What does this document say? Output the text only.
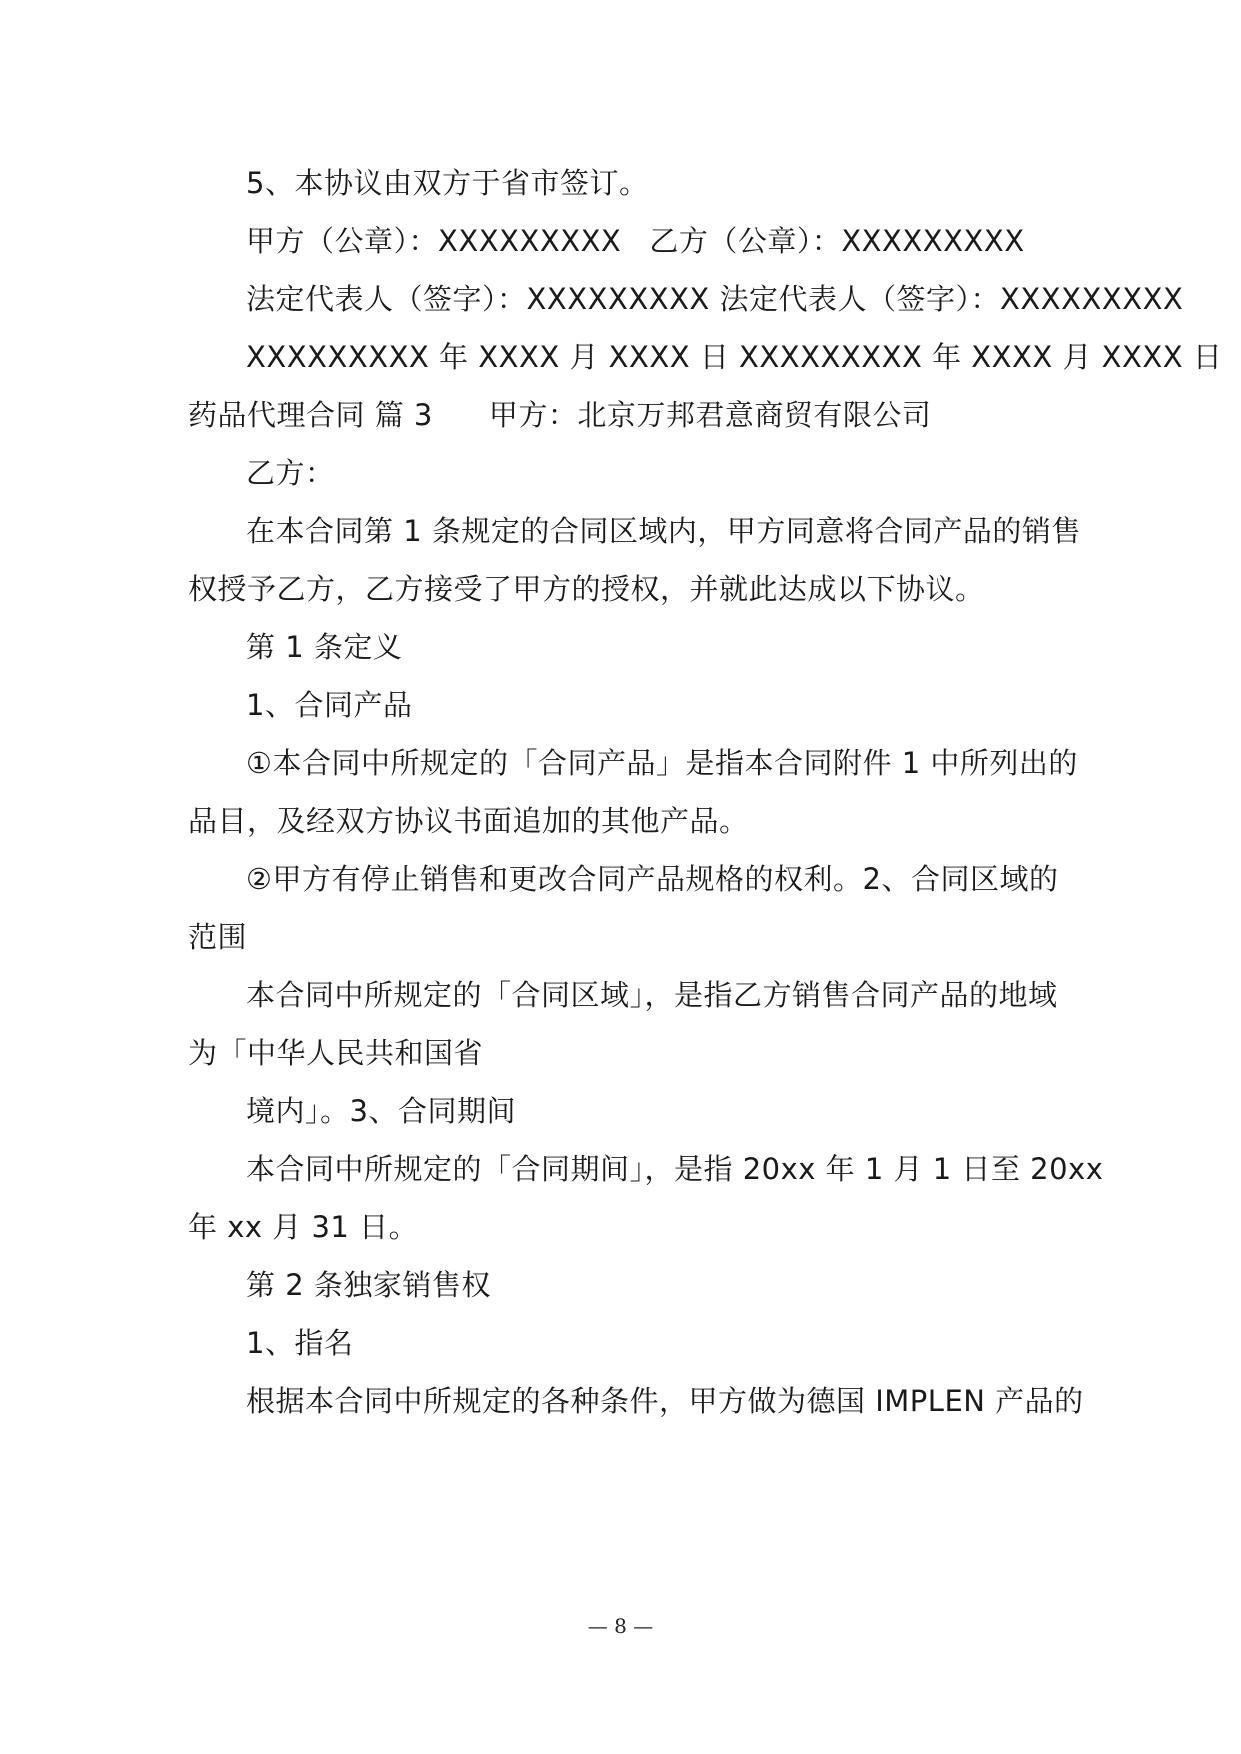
5、本协议由双方于省市签订。
甲方（公章）：XXXXXXXXX 乙方（公章）：XXXXXXXXX
法定代表人（签字）：XXXXXXXXX 法定代表人（签字）：XXXXXXXXX
XXXXXXXXX 年 XXXX 月 XXXX 日 XXXXXXXXX 年 XXXX 月 XXXX 日
药品代理合同 篇 3 甲方：北京万邦君意商贸有限公司
乙方：
在本合同第 1 条规定的合同区域内，甲方同意将合同产品的销售
权授予乙方，乙方接受了甲方的授权，并就此达成以下协议。
第 1 条定义
1、合同产品
①本合同中所规定的「合同产品」是指本合同附件 1 中所列出的
品目，及经双方协议书面追加的其他产品。
②甲方有停止销售和更改合同产品规格的权利。2、合同区域的
范围
本合同中所规定的「合同区域」，是指乙方销售合同产品的地域
为「中华人民共和国省
境内」。3、合同期间
本合同中所规定的「合同期间」，是指 20xx 年 1 月 1 日至 20xx
年 xx 月 31 日。
第 2 条独家销售权
1、指名
根据本合同中所规定的各种条件，甲方做为德国 IMPLEN 产品的
— 8 —
